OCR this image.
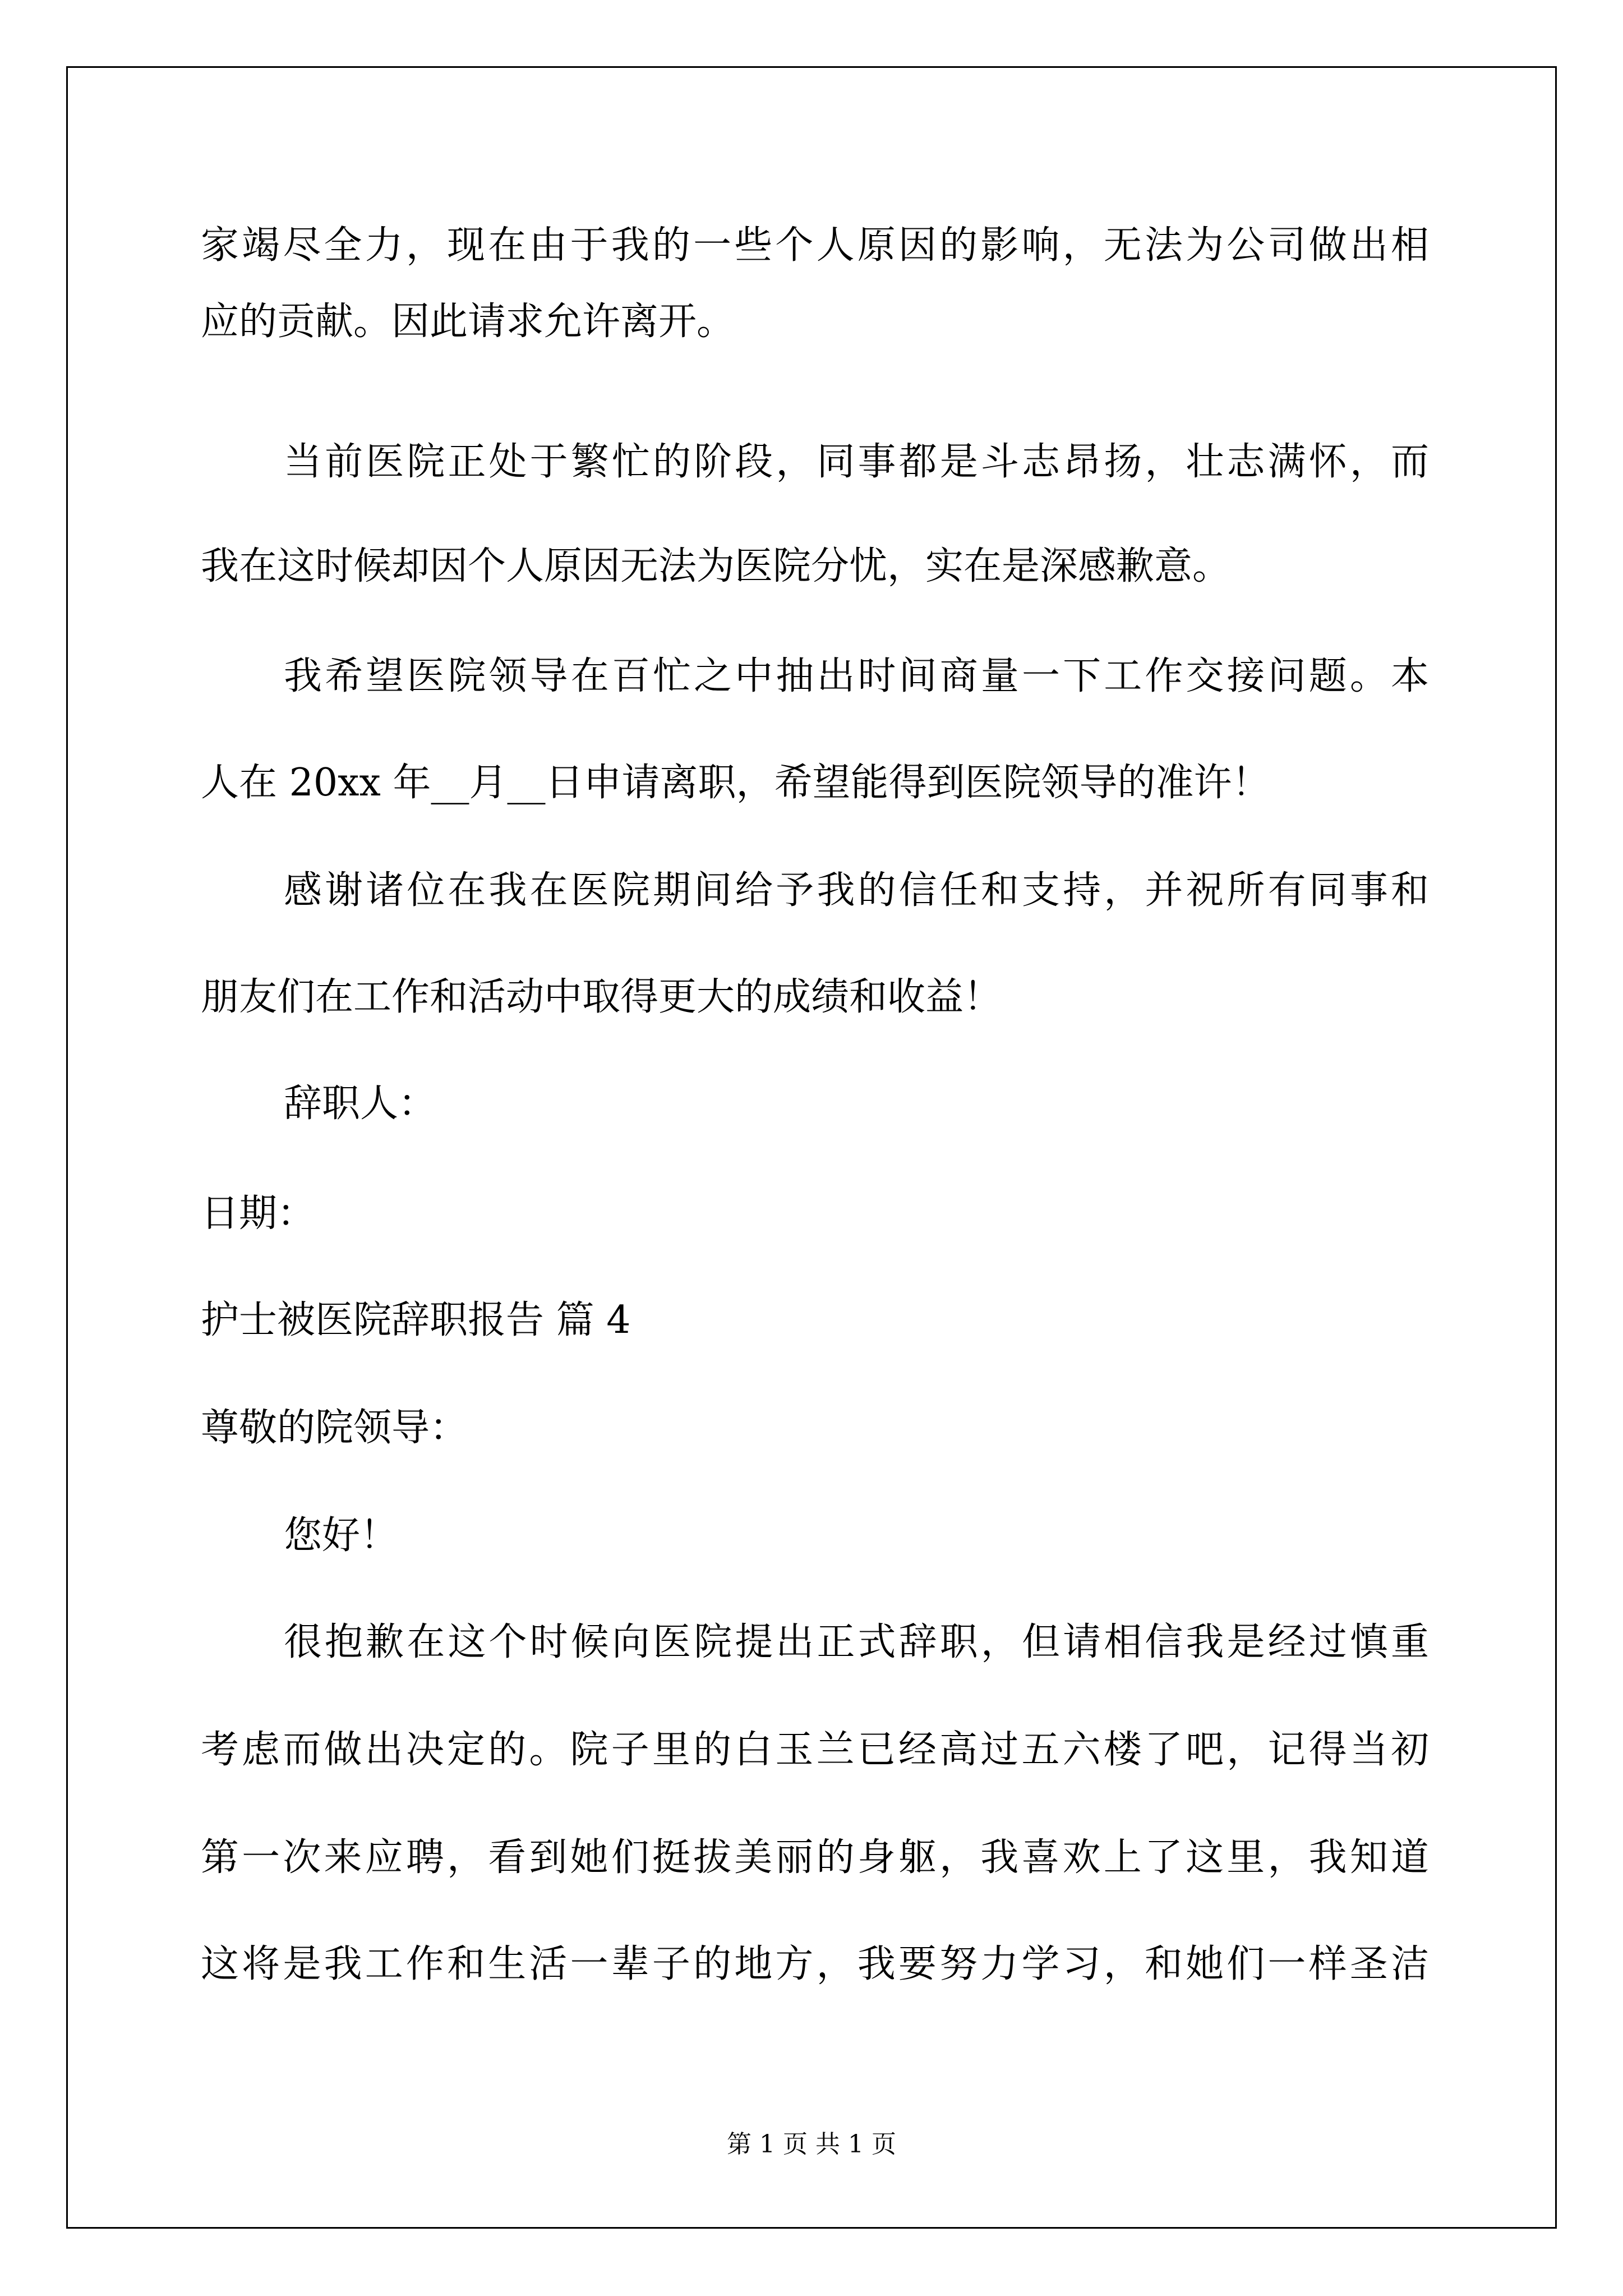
家竭尽全力，现在由于我的一些个人原因的影响，无法为公司做出相
应的贡献。因此请求允许离开。
当前医院正处于繁忙的阶段，同事都是斗志昂扬，壮志满怀，而
我在这时候却因个人原因无法为医院分忧，实在是深感歉意。
我希望医院领导在百忙之中抽出时间商量一下工作交接问题。本
人在 20xx 年__月__日申请离职，希望能得到医院领导的准许！
感谢诸位在我在医院期间给予我的信任和支持，并祝所有同事和
朋友们在工作和活动中取得更大的成绩和收益！
辞职人：
日期：
护士被医院辞职报告 篇 4
尊敬的院领导：
您好！
很抱歉在这个时候向医院提出正式辞职，但请相信我是经过慎重
考虑而做出决定的。院子里的白玉兰已经高过五六楼了吧，记得当初
第一次来应聘，看到她们挺拔美丽的身躯，我喜欢上了这里，我知道
这将是我工作和生活一辈子的地方，我要努力学习，和她们一样圣洁
第 1 页 共 1 页
